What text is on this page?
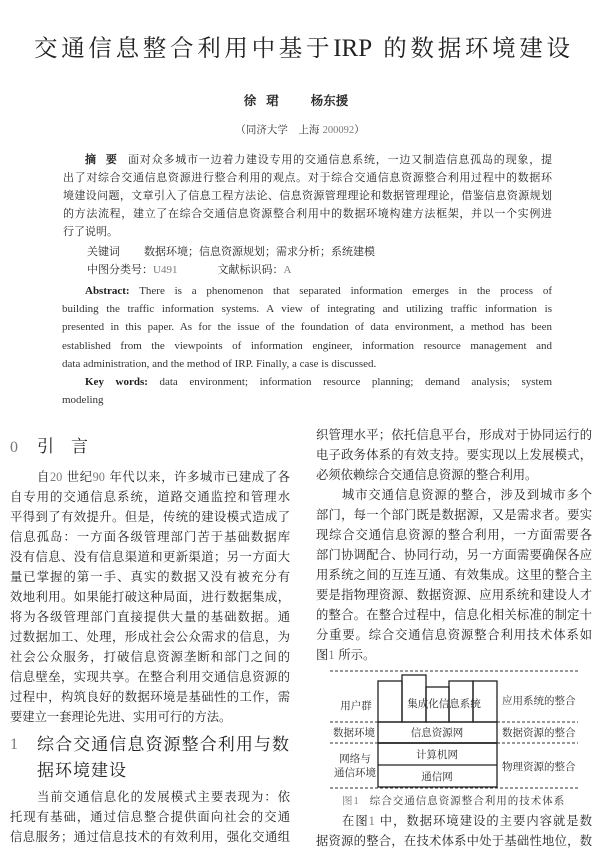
交通信息整合利用中基于IRP 的数据环境建设
徐珺 杨东援
（同济大学　上海 200092）
摘 要 面对众多城市一边着力建设专用的交通信息系统，一边又制造信息孤岛的现象，提
出了对综合交通信息资源进行整合利用的观点。对于综合交通信息资源整合利用过程中的数据环
境建设问题，文章引入了信息工程方法论、信息资源管理理论和数据管理理论，借鉴信息资源规划
的方法流程，建立了在综合交通信息资源整合利用中的数据环境构建方法框架，并以一个实例进
行了说明。
关键词 数据环境；信息资源规划；需求分析；系统建模
中图分类号：U491	文献标识码：A
Abstract: There is a phenomenon that separated information emerges in the process of
building the traffic information systems. A view of integrating and utilizing traffic information is
presented in this paper. As for the issue of the foundation of data environment, a method has been
established from the viewpoints of information engineer, information resource management and
data administration, and the method of IRP. Finally, a case is discussed.
Key words: data environment; information resource planning; demand analysis; system
modeling
0 引言
自20 世纪90 年代以来，许多城市已建成了各
自专用的交通信息系统，道路交通监控和管理水
平得到了有效提升。但是，传统的建设模式造成了
信息孤岛：一方面各级管理部门苦于基础数据库
没有信息、没有信息渠道和更新渠道；另一方面大
量已掌握的第一手、真实的数据又没有被充分有
效地利用。如果能打破这种局面，进行数据集成，
将为各级管理部门直接提供大量的基础数据。通
过数据加工、处理，形成社会公众需求的信息，为
社会公众服务，打破信息资源垄断和部门之间的
信息壁垒，实现共享。在整合利用交通信息资源的
过程中，构筑良好的数据环境是基础性的工作，需
要建立一套理论先进、实用可行的方法。
1 综合交通信息资源整合利用与数
据环境建设
当前交通信息化的发展模式主要表现为：依
托现有基础，通过信息整合提供面向社会的交通
信息服务；通过信息技术的有效利用，强化交通组
织管理水平；依托信息平台，形成对于协同运行的
电子政务体系的有效支持。要实现以上发展模式，
必须依赖综合交通信息资源的整合利用。
城市交通信息资源的整合，涉及到城市多个
部门，每一个部门既是数据源，又是需求者。要实
现综合交通信息资源的整合利用，一方面需要各
部门协调配合、协同行动，另一方面需要确保各应
用系统之间的互连互通、有效集成。这里的整合主
要是指物理资源、数据资源、应用系统和建设人才
的整合。在整合过程中，信息化相关标准的制定十
分重要。综合交通信息资源整合利用技术体系如
图1 所示。
集成化信息系统
信息资源网
计算机网
通信网
用户群
数据环境
网络与
通信环境
应用系统的整合
数据资源的整合
物理资源的整合
图1 综合交通信息资源整合利用的技术体系
在图1 中，数据环境建设的主要内容就是数
据资源的整合，在技术体系中处于基础性地位，数
